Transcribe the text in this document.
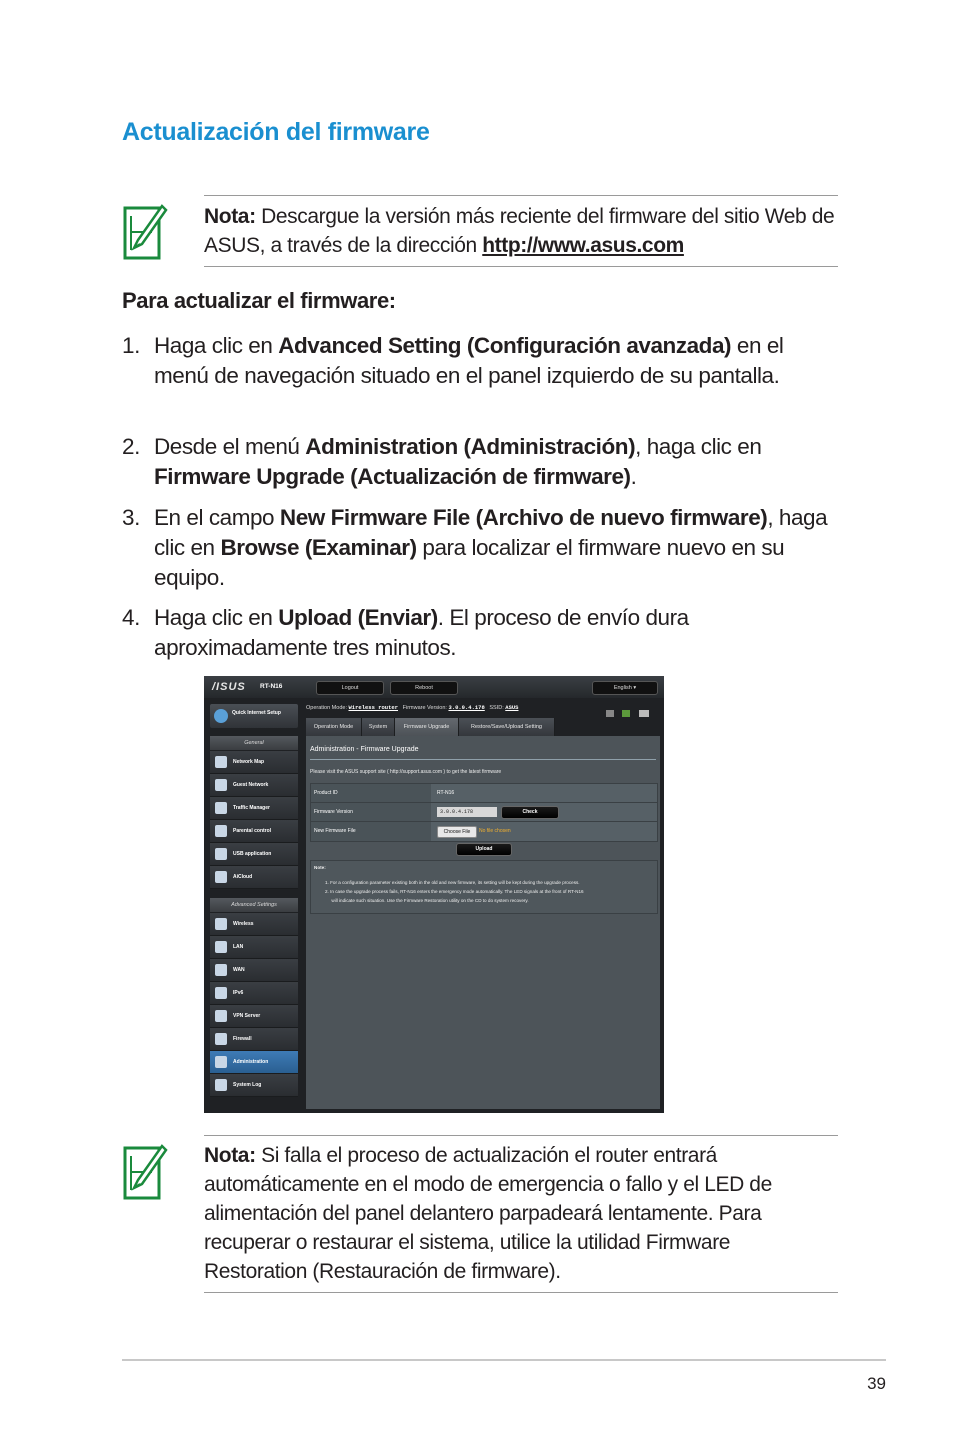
Actualización del firmware
Nota: Descargue la versión más reciente del firmware del sitio Web de ASUS, a través de la dirección http://www.asus.com
Para actualizar el firmware:
1. Haga clic en Advanced Setting (Configuración avanzada) en el menú de navegación situado en el panel izquierdo de su pantalla.
2. Desde el menú Administration (Administración), haga clic en Firmware Upgrade (Actualización de firmware).
3. En el campo New Firmware File (Archivo de nuevo firmware), haga clic en Browse (Examinar) para localizar el firmware nuevo en su equipo.
4. Haga clic en Upload (Enviar). El proceso de envío dura aproximadamente tres minutos.
/ISUS RT-N16	Logout	Reboot	English ▾
Quick Internet Setup
General
Network Map
Guest Network
Traffic Manager
Parental control
USB application
AiCloud
Advanced Settings
Wireless
LAN
WAN
IPv6
VPN Server
Firewall
Administration
System Log
Operation Mode: Wireless router Firmware Version: 3.0.0.4.178 SSID: ASUS

Operation Mode	System	Firmware Upgrade	Restore/Save/Upload Setting
Administration - Firmware Upgrade
Please visit the ASUS support site ( http://support.asus.com ) to get the latest firmware
Product ID	RT-N16
Firmware Version	3.0.0.4.178	Check
New Firmware File	Choose File	No file chosen
Upload
Note:
1. For a configuration parameter existing both in the old and new firmware, its setting will be kept during the upgrade process.
2. In case the upgrade process fails, RT-N16 enters the emergency mode automatically. The LED signals at the front of RT-N16
will indicate such situation. Use the Firmware Restoration utility on the CD to do system recovery.
Nota: Si falla el proceso de actualización el router entrará automáticamente en el modo de emergencia o fallo y el LED de alimentación del panel delantero parpadeará lentamente. Para recuperar o restaurar el sistema, utilice la utilidad Firmware Restoration (Restauración de firmware).
39
